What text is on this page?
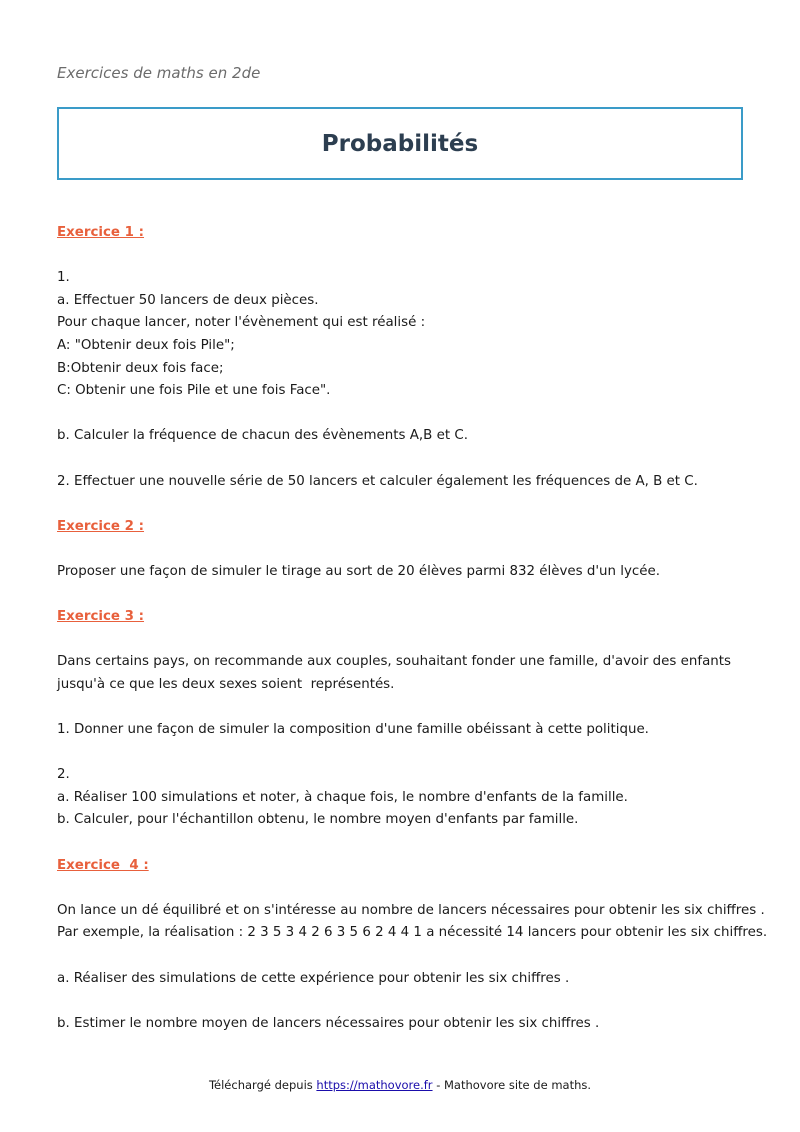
Exercices de maths en 2de
Probabilités
Exercice 1 :
1.
a. Effectuer 50 lancers de deux pièces.
Pour chaque lancer, noter l'évènement qui est réalisé :
A: "Obtenir deux fois Pile";
B:Obtenir deux fois face;
C: Obtenir une fois Pile et une fois Face".
b. Calculer la fréquence de chacun des évènements A,B et C.
2. Effectuer une nouvelle série de 50 lancers et calculer également les fréquences de A, B et C.
Exercice 2 :
Proposer une façon de simuler le tirage au sort de 20 élèves parmi 832 élèves d'un lycée.
Exercice 3 :
Dans certains pays, on recommande aux couples, souhaitant fonder une famille, d'avoir des enfants
jusqu'à ce que les deux sexes soient  représentés.
1. Donner une façon de simuler la composition d'une famille obéissant à cette politique.
2.
a. Réaliser 100 simulations et noter, à chaque fois, le nombre d'enfants de la famille.
b. Calculer, pour l'échantillon obtenu, le nombre moyen d'enfants par famille.
Exercice  4 :
On lance un dé équilibré et on s'intéresse au nombre de lancers nécessaires pour obtenir les six chiffres .
Par exemple, la réalisation : 2 3 5 3 4 2 6 3 5 6 2 4 4 1 a nécessité 14 lancers pour obtenir les six chiffres.
a. Réaliser des simulations de cette expérience pour obtenir les six chiffres .
b. Estimer le nombre moyen de lancers nécessaires pour obtenir les six chiffres .
Téléchargé depuis https://mathovore.fr - Mathovore site de maths.
